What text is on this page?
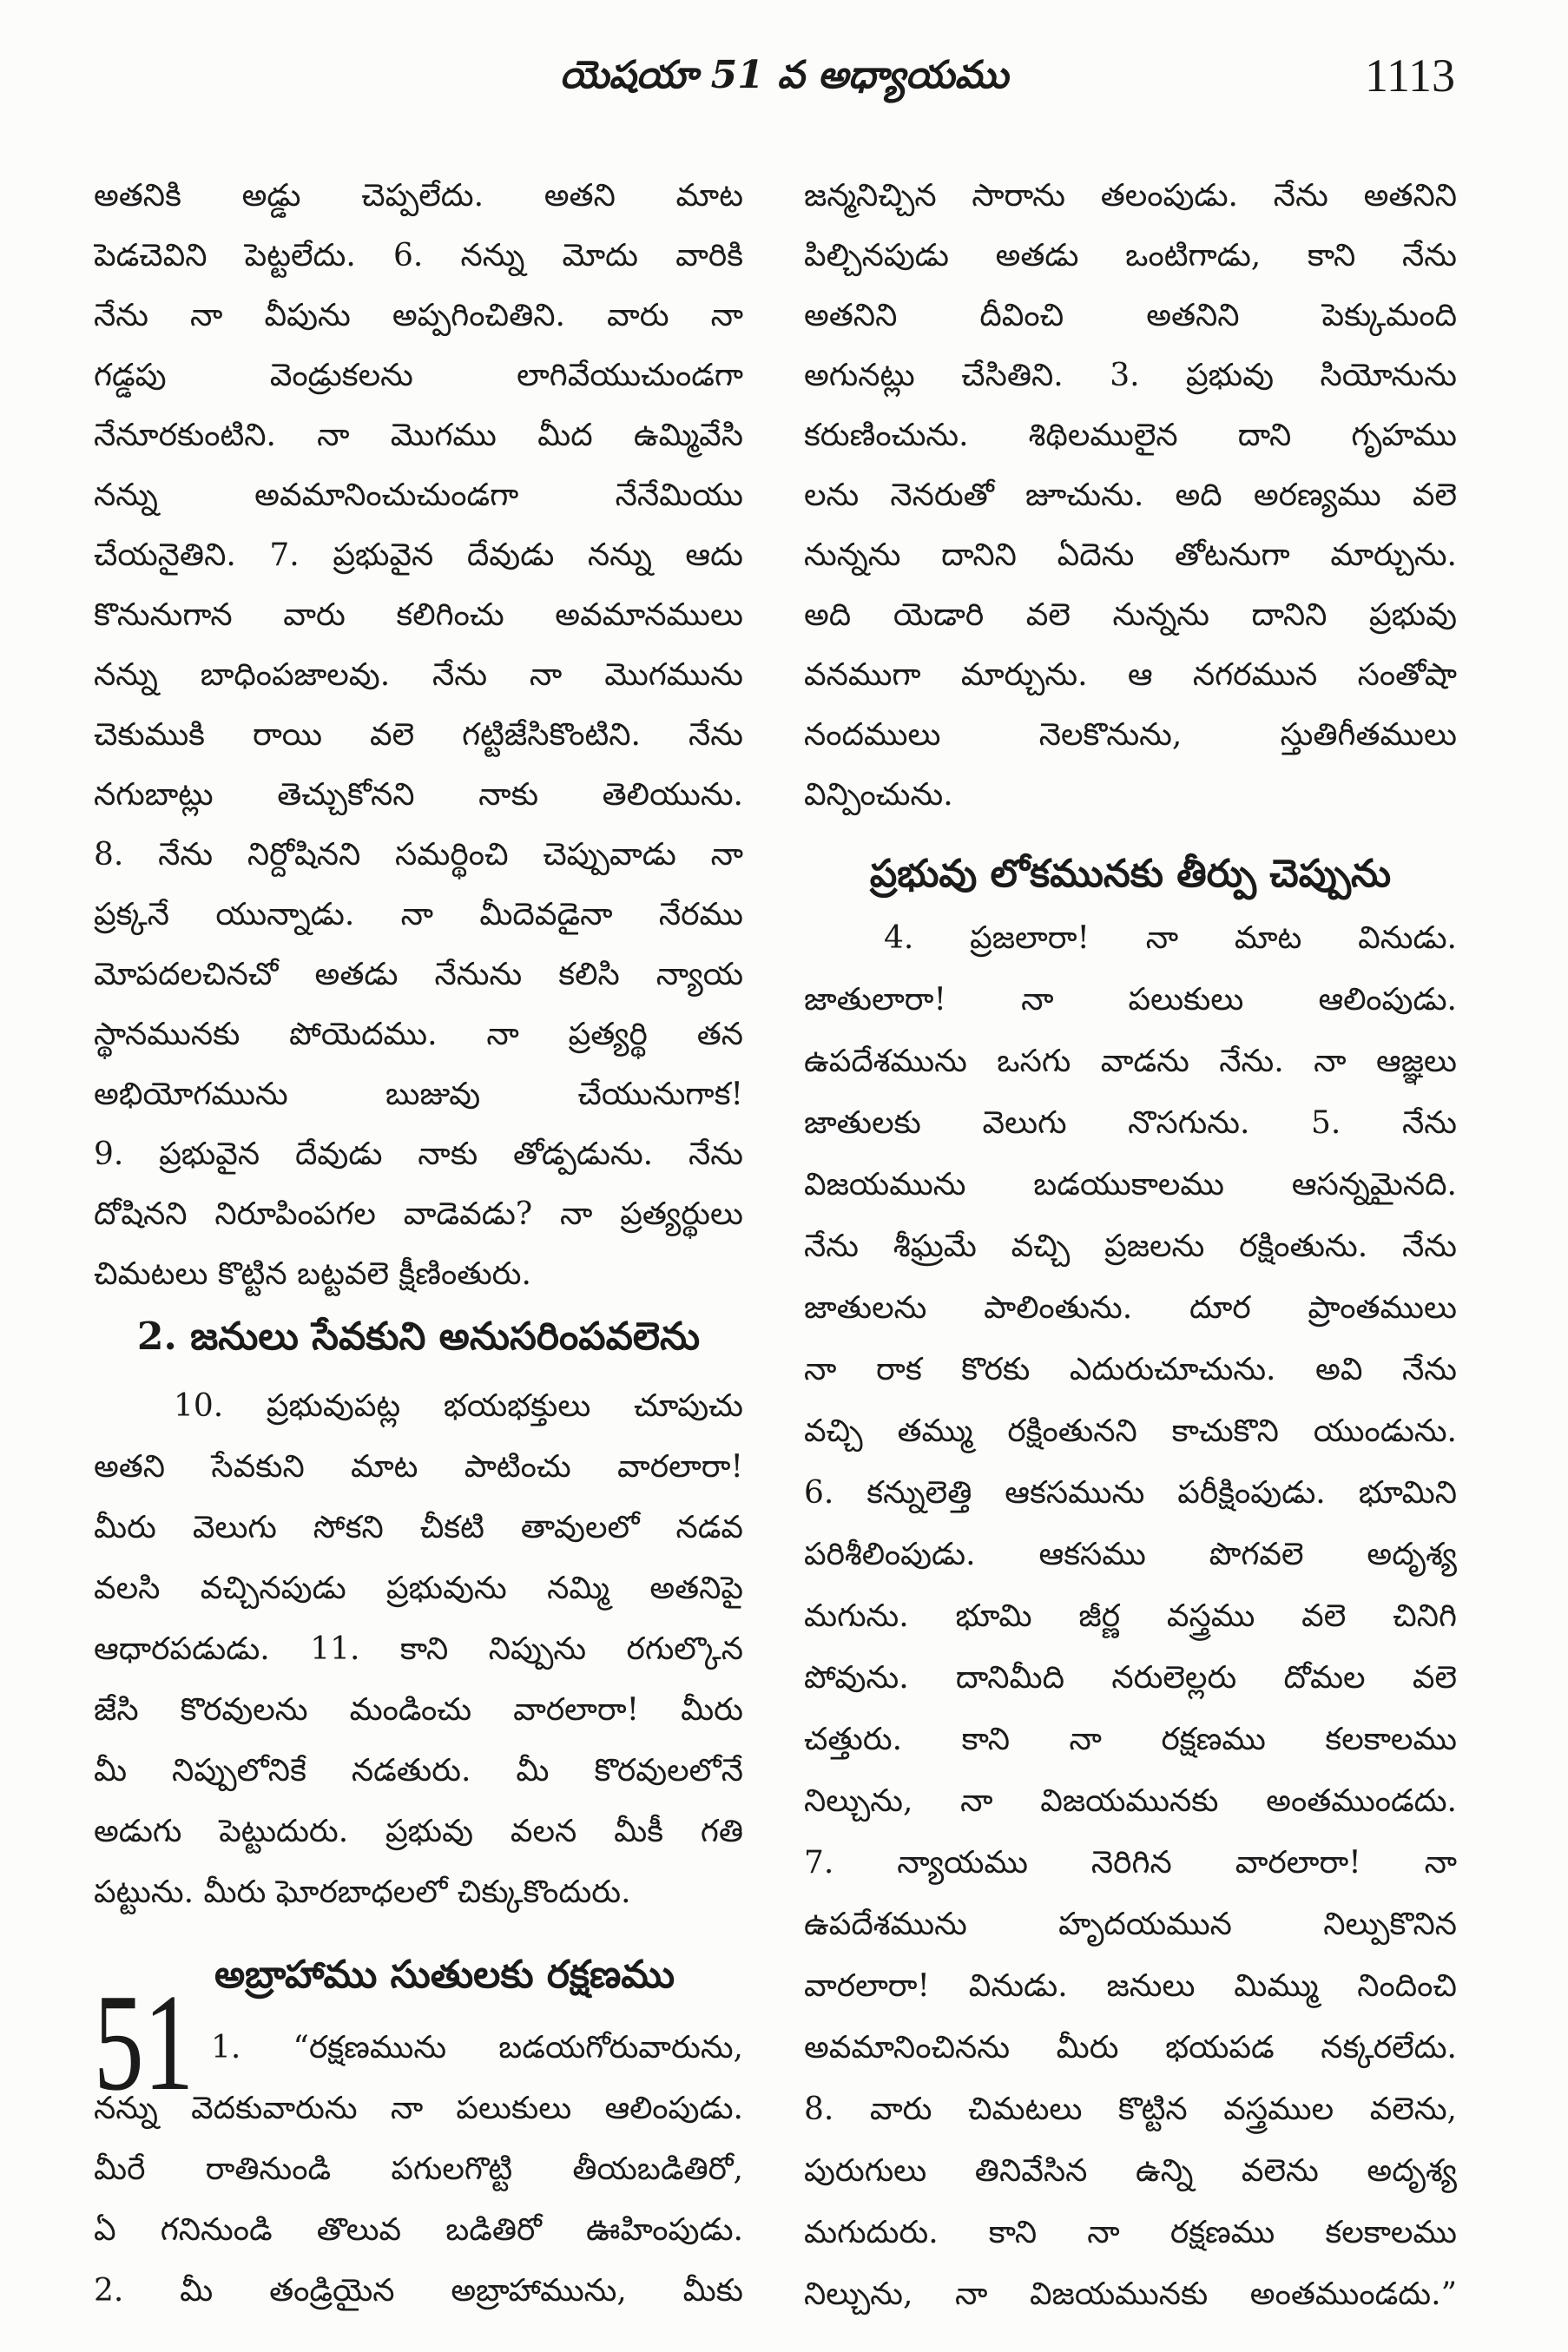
యెషయా 51 వ అధ్యాయము	1113
అతనికి అడ్డు చెప్పలేదు. అతని మాట
పెడచెవిని పెట్టలేదు. 6. నన్ను మోదు వారికి
నేను నా వీపును అప్పగించితిని. వారు నా
గడ్డపు వెండ్రుకలను లాగివేయుచుండగా
నేనూరకుంటిని. నా మొగము మీద ఉమ్మివేసి
నన్ను అవమానించుచుండగా నేనేమియు
చేయనైతిని. 7. ప్రభువైన దేవుడు నన్ను ఆదు
కొనునుగాన వారు కలిగించు అవమానములు
నన్ను బాధింపజాలవు. నేను నా మొగమును
చెకుముకి రాయి వలె గట్టిజేసికొంటిని. నేను
నగుబాట్లు తెచ్చుకోనని నాకు తెలియును.
8. నేను నిర్దోషినని సమర్థించి చెప్పువాడు నా
ప్రక్కనే యున్నాడు. నా మీదెవడైనా నేరము
మోపదలచినచో అతడు నేనును కలిసి న్యాయ
స్థానమునకు పోయెదము. నా ప్రత్యర్థి తన
అభియోగమును బుజువు చేయునుగాక!
9. ప్రభువైన దేవుడు నాకు తోడ్పడును. నేను
దోషినని నిరూపింపగల వాడెవడు? నా ప్రత్యర్థులు
చిమటలు కొట్టిన బట్టవలె క్షీణింతురు.
2. జనులు సేవకుని అనుసరింపవలెను
10. ప్రభువుపట్ల భయభక్తులు చూపుచు
అతని సేవకుని మాట పాటించు వారలారా!
మీరు వెలుగు సోకని చీకటి తావులలో నడవ
వలసి వచ్చినపుడు ప్రభువును నమ్మి అతనిపై
ఆధారపడుడు. 11. కాని నిప్పును రగుల్కొన
జేసి కొరవులను మండించు వారలారా! మీరు
మీ నిప్పులోనికే నడతురు. మీ కొరవులలోనే
అడుగు పెట్టుదురు. ప్రభువు వలన మీకీ గతి
పట్టును. మీరు ఘోరబాధలలో చిక్కుకొందురు.
అబ్రాహాము సుతులకు రక్షణము
51 1. “రక్షణమును బడయగోరువారును,
నన్ను వెదకువారును నా పలుకులు ఆలింపుడు.
మీరే రాతినుండి పగులగొట్టి తీయబడితిరో,
ఏ గనినుండి తొలువ బడితిరో ఊహింపుడు.
2. మీ తండ్రియైన అబ్రాహామును, మీకు
జన్మనిచ్చిన సారాను తలంపుడు. నేను అతనిని
పిల్చినపుడు అతడు ఒంటిగాడు, కాని నేను
అతనిని దీవించి అతనిని పెక్కుమంది
అగునట్లు చేసితిని. 3. ప్రభువు సియోనును
కరుణించును. శిథిలములైన దాని గృహము
లను నెనరుతో జూచును. అది అరణ్యము వలె
నున్నను దానిని ఏదెను తోటనుగా మార్చును.
అది యెడారి వలె నున్నను దానిని ప్రభువు
వనముగా మార్చును. ఆ నగరమున సంతోషా
నందములు నెలకొనును, స్తుతిగీతములు
విన్పించును.
ప్రభువు లోకమునకు తీర్పు చెప్పును
4. ప్రజలారా! నా మాట వినుడు.
జాతులారా! నా పలుకులు ఆలింపుడు.
ఉపదేశమును ఒసగు వాడను నేను. నా ఆజ్ఞలు
జాతులకు వెలుగు నొసగును. 5. నేను
విజయమును బడయుకాలము ఆసన్నమైనది.
నేను శీఘ్రమే వచ్చి ప్రజలను రక్షింతును. నేను
జాతులను పాలింతును. దూర ప్రాంతములు
నా రాక కొరకు ఎదురుచూచును. అవి నేను
వచ్చి తమ్ము రక్షింతునని కాచుకొని యుండును.
6. కన్నులెత్తి ఆకసమును పరీక్షింపుడు. భూమిని
పరిశీలింపుడు. ఆకసము పొగవలె అదృశ్య
మగును. భూమి జీర్ణ వస్త్రము వలె చినిగి
పోవును. దానిమీది నరులెల్లరు దోమల వలె
చత్తురు. కాని నా రక్షణము కలకాలము
నిల్చును, నా విజయమునకు అంతముండదు.
7. న్యాయము నెరిగిన వారలారా! నా
ఉపదేశమును హృదయమున నిల్పుకొనిన
వారలారా! వినుడు. జనులు మిమ్ము నిందించి
అవమానించినను మీరు భయపడ నక్కరలేదు.
8. వారు చిమటలు కొట్టిన వస్త్రముల వలెను,
పురుగులు తినివేసిన ఉన్ని వలెను అదృశ్య
మగుదురు. కాని నా రక్షణము కలకాలము
నిల్చును, నా విజయమునకు అంతముండదు.”
